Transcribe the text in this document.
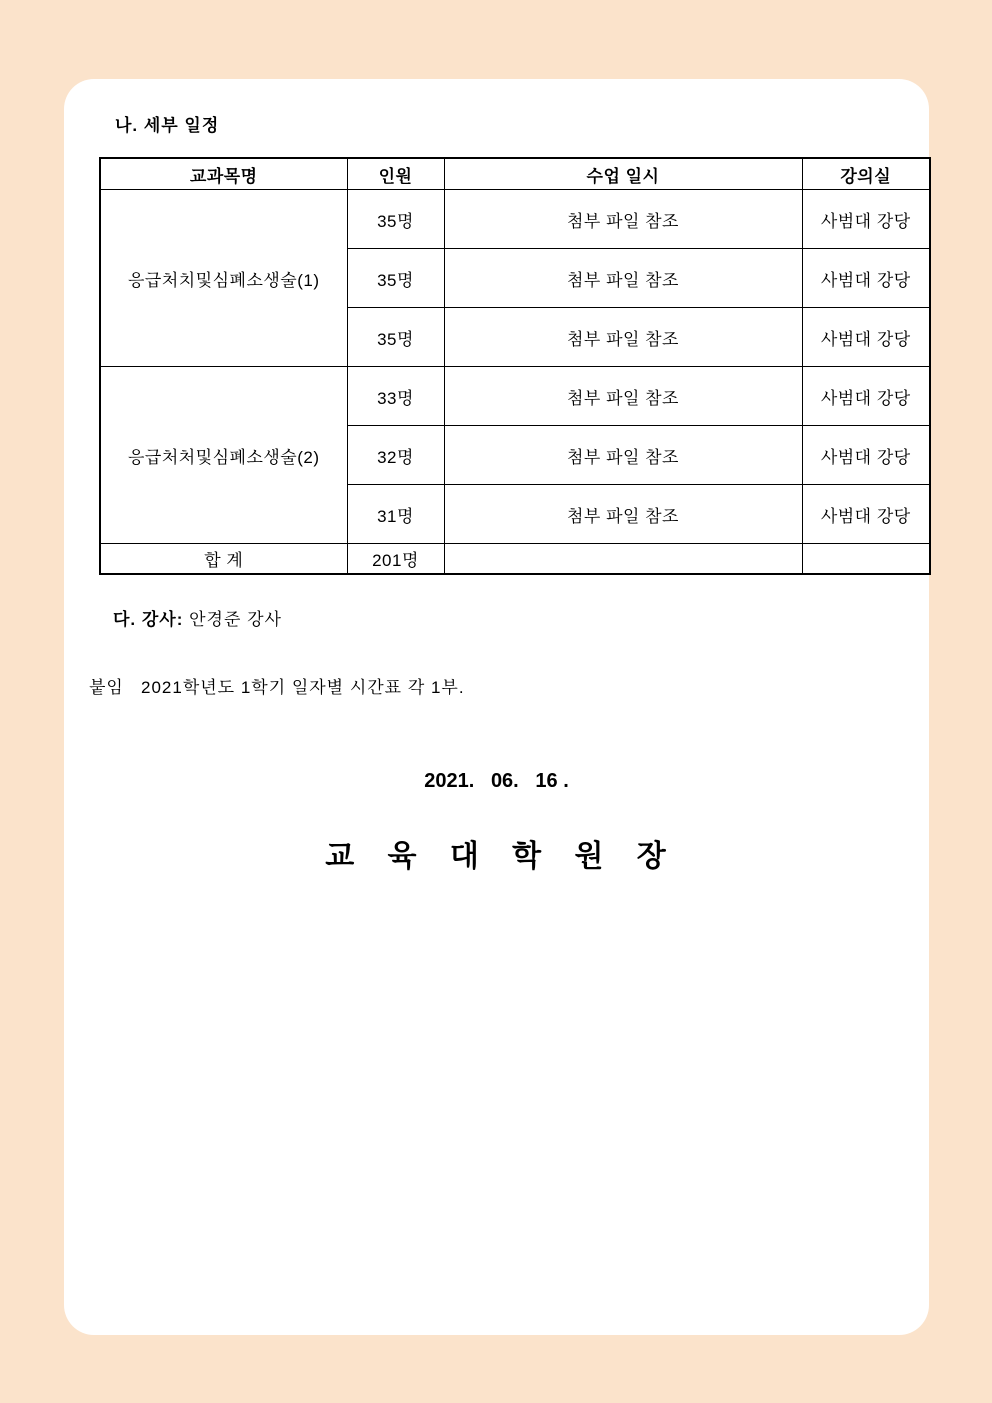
나. 세부 일정
교과목명	인원	수업 일시	강의실
응급처치및심폐소생술(1)	35명	첨부 파일 참조	사범대 강당
	35명	첨부 파일 참조	사범대 강당
	35명	첨부 파일 참조	사범대 강당
응급처처및심폐소생술(2)	33명	첨부 파일 참조	사범대 강당
	32명	첨부 파일 참조	사범대 강당
	31명	첨부 파일 참조	사범대 강당
합 계	201명		
다. 강사: 안경준 강사
붙임   2021학년도 1학기 일자별 시간표 각 1부.
2021.   06.   16 .
교 육 대 학 원 장
